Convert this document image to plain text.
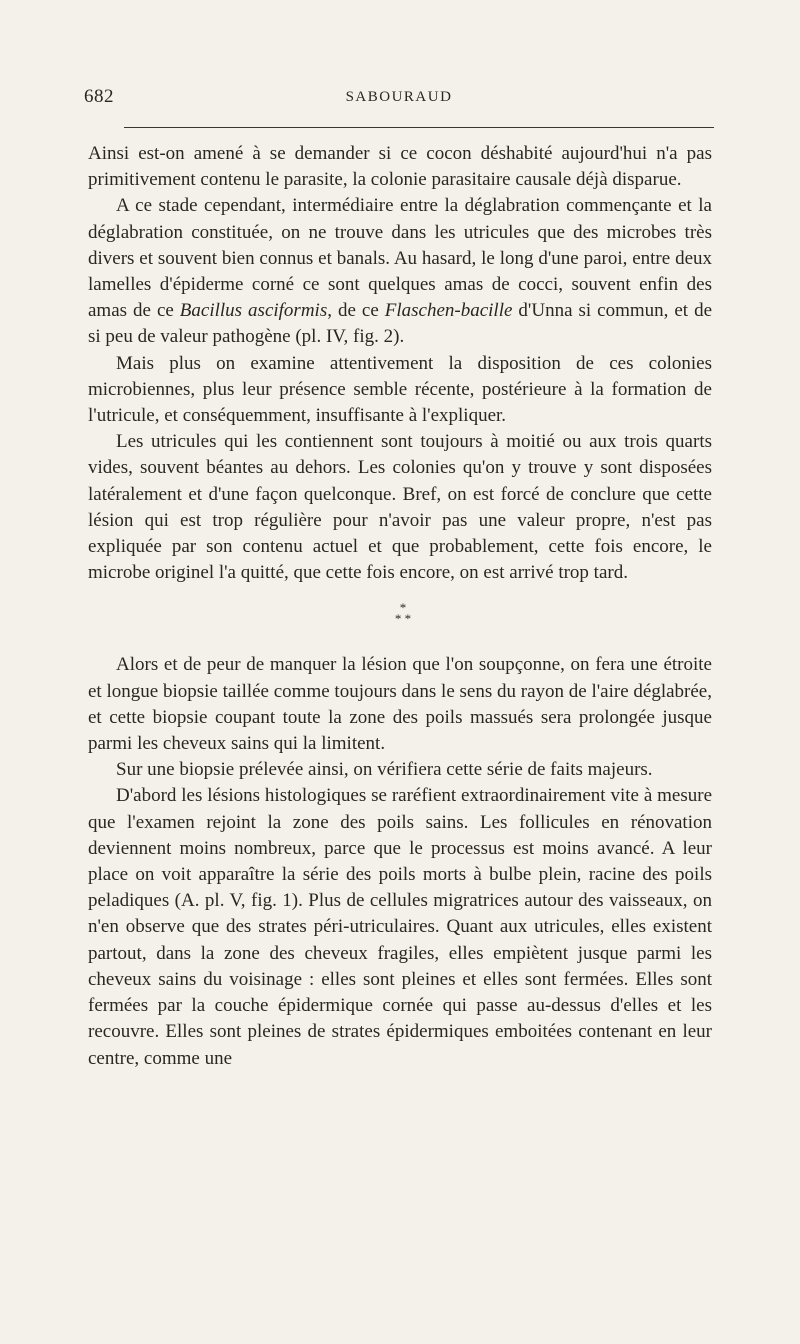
682	SABOURAUD

Ainsi est-on amené à se demander si ce cocon déshabité aujourd'hui n'a pas primitivement contenu le parasite, la colonie parasitaire causale déjà disparue.

A ce stade cependant, intermédiaire entre la déglabration commençante et la déglabration constituée, on ne trouve dans les utricules que des microbes très divers et souvent bien connus et banals. Au hasard, le long d'une paroi, entre deux lamelles d'épiderme corné ce sont quelques amas de cocci, souvent enfin des amas de ce Bacillus asciformis, de ce Flaschen-bacille d'Unna si commun, et de si peu de valeur pathogène (pl. IV, fig. 2).

Mais plus on examine attentivement la disposition de ces colonies microbiennes, plus leur présence semble récente, postérieure à la formation de l'utricule, et conséquemment, insuffisante à l'expliquer.

Les utricules qui les contiennent sont toujours à moitié ou aux trois quarts vides, souvent béantes au dehors. Les colonies qu'on y trouve y sont disposées latéralement et d'une façon quelconque. Bref, on est forcé de conclure que cette lésion qui est trop régulière pour n'avoir pas une valeur propre, n'est pas expliquée par son contenu actuel et que probablement, cette fois encore, le microbe originel l'a quitté, que cette fois encore, on est arrivé trop tard.

*
* *

Alors et de peur de manquer la lésion que l'on soupçonne, on fera une étroite et longue biopsie taillée comme toujours dans le sens du rayon de l'aire déglabrée, et cette biopsie coupant toute la zone des poils massués sera prolongée jusque parmi les cheveux sains qui la limitent.

Sur une biopsie prélevée ainsi, on vérifiera cette série de faits majeurs.

D'abord les lésions histologiques se raréfient extraordinairement vite à mesure que l'examen rejoint la zone des poils sains. Les follicules en rénovation deviennent moins nombreux, parce que le processus est moins avancé. A leur place on voit apparaître la série des poils morts à bulbe plein, racine des poils peladiques (A. pl. V, fig. 1). Plus de cellules migratrices autour des vaisseaux, on n'en observe que des strates péri-utriculaires. Quant aux utricules, elles existent partout, dans la zone des cheveux fragiles, elles empiètent jusque parmi les cheveux sains du voisinage : elles sont pleines et elles sont fermées. Elles sont fermées par la couche épidermique cornée qui passe au-dessus d'elles et les recouvre. Elles sont pleines de strates épidermiques emboitées contenant en leur centre, comme une
